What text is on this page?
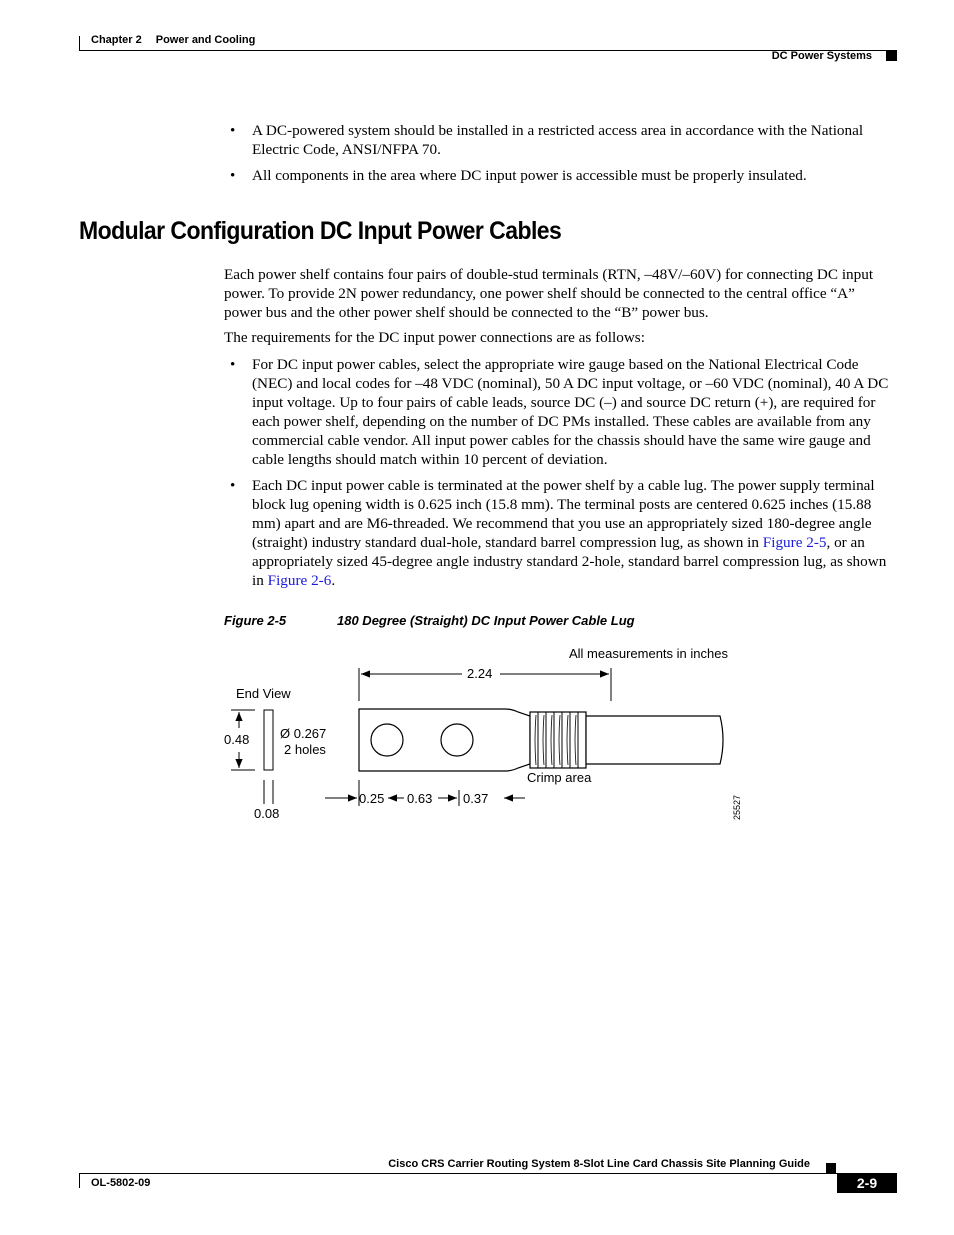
Chapter 2 Power and Cooling
DC Power Systems
• A DC-powered system should be installed in a restricted access area in accordance with the National Electric Code, ANSI/NFPA 70.
• All components in the area where DC input power is accessible must be properly insulated.
Modular Configuration DC Input Power Cables

Each power shelf contains four pairs of double-stud terminals (RTN, –48V/–60V) for connecting DC input power. To provide 2N power redundancy, one power shelf should be connected to the central office “A” power bus and the other power shelf should be connected to the “B” power bus.

The requirements for the DC input power connections are as follows:

• For DC input power cables, select the appropriate wire gauge based on the National Electrical Code (NEC) and local codes for –48 VDC (nominal), 50 A DC input voltage, or –60 VDC (nominal), 40 A DC input voltage. Up to four pairs of cable leads, source DC (–) and source DC return (+), are required for each power shelf, depending on the number of DC PMs installed. These cables are available from any commercial cable vendor. All input power cables for the chassis should have the same wire gauge and cable lengths should match within 10 percent of deviation.
• Each DC input power cable is terminated at the power shelf by a cable lug. The power supply terminal block lug opening width is 0.625 inch (15.8 mm). The terminal posts are centered 0.625 inches (15.88 mm) apart and are M6-threaded. We recommend that you use an appropriately sized 180-degree angle (straight) industry standard dual-hole, standard barrel compression lug, as shown in Figure 2-5, or an appropriately sized 45-degree angle industry standard 2-hole, standard barrel compression lug, as shown in Figure 2-6.
Figure 2-5	180 Degree (Straight) DC Input Power Cable Lug
All measurements in inches
2.24
End View
0.48
0.08
Ø 0.267
2 holes
Crimp area
0.25 0.63 0.37	25527
Cisco CRS Carrier Routing System 8-Slot Line Card Chassis Site Planning Guide
OL-5802-09	2-9
